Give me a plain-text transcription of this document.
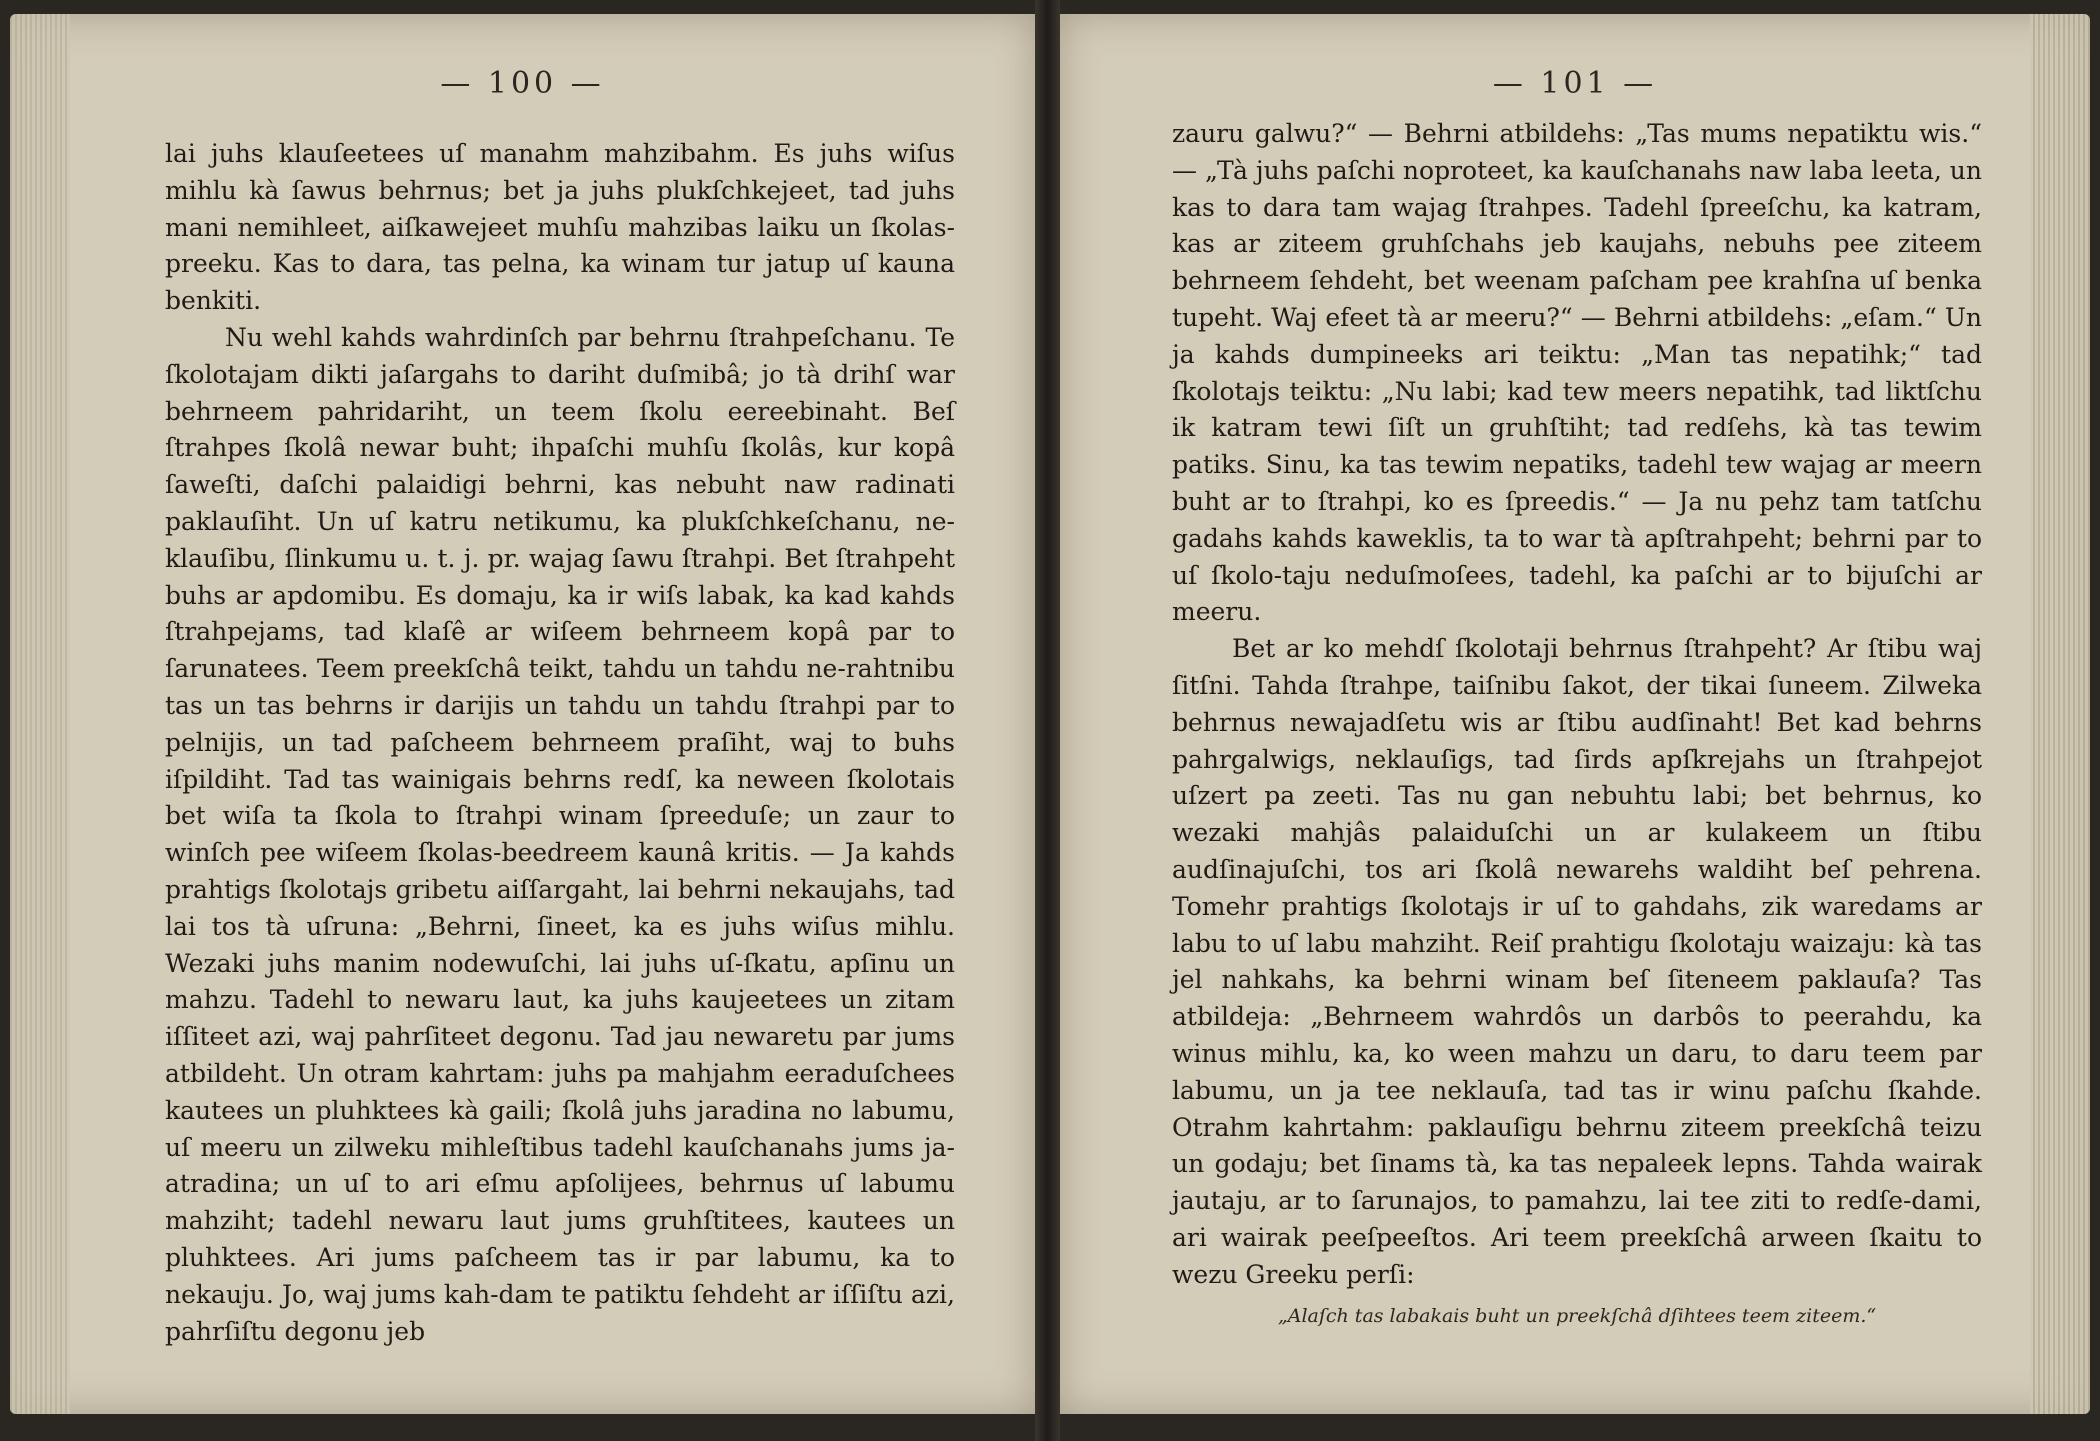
— 100 —

lai juhs klauſeetees uſ manahm mahzibahm. Es juhs wiſus mihlu kà ſawus behrnus; bet ja juhs plukſchkejeet, tad juhs mani nemihleet, aiſkawejeet muhſu mahzibas laiku un ſkolas-preeku. Kas to dara, tas pelna, ka winam tur jatup uſ kauna benkiti.

Nu wehl kahds wahrdinſch par behrnu ſtrahpeſchanu. Te ſkolotajam dikti jaſargahs to dariht duſmibâ; jo tà drihſ war behrneem pahridariht, un teem ſkolu eereebinaht. Beſ ſtrahpes ſkolâ newar buht; ihpaſchi muhſu ſkolâs, kur kopâ ſaweſti, daſchi palaidigi behrni, kas nebuht naw radinati paklauſiht. Un uſ katru netikumu, ka plukſchkeſchanu, ne-klauſibu, ſlinkumu u. t. j. pr. wajag ſawu ſtrahpi. Bet ſtrahpeht buhs ar apdomibu. Es domaju, ka ir wiſs labak, ka kad kahds ſtrahpejams, tad klaſê ar wiſeem behrneem kopâ par to ſarunatees. Teem preekſchâ teikt, tahdu un tahdu ne-rahtnibu tas un tas behrns ir darijis un tahdu un tahdu ſtrahpi par to pelnijis, un tad paſcheem behrneem praſiht, waj to buhs iſpildiht. Tad tas wainigais behrns redſ, ka neween ſkolotais bet wiſa ta ſkola to ſtrahpi winam ſpreeduſe; un zaur to winſch pee wiſeem ſkolas-beedreem kaunâ kritis. — Ja kahds prahtigs ſkolotajs gribetu aiſſargaht, lai behrni nekaujahs, tad lai tos tà uſruna: „Behrni, ſineet, ka es juhs wiſus mihlu. Wezaki juhs manim nodewuſchi, lai juhs uſ-ſkatu, apſinu un mahzu. Tadehl to newaru laut, ka juhs kaujeetees un zitam iſſiteet azi, waj pahrſiteet degonu. Tad jau newaretu par jums atbildeht. Un otram kahrtam: juhs pa mahjahm eeraduſchees kautees un pluhktees kà gaili; ſkolâ juhs jaradina no labumu, uſ meeru un zilweku mihleſtibus tadehl kauſchanahs jums ja-atradina; un uſ to ari eſmu apſolijees, behrnus uſ labumu mahziht; tadehl newaru laut jums gruhſtitees, kautees un pluhktees. Ari jums paſcheem tas ir par labumu, ka to nekauju. Jo, waj jums kah-dam te patiktu ſehdeht ar iſſiſtu azi, pahrſiſtu degonu jeb

— 101 —

zauru galwu?“ — Behrni atbildehs: „Tas mums nepatiktu wis.“ — „Tà juhs paſchi noproteet, ka kauſchanahs naw laba leeta, un kas to dara tam wajag ſtrahpes. Tadehl ſpreeſchu, ka katram, kas ar ziteem gruhſchahs jeb kaujahs, nebuhs pee ziteem behrneem ſehdeht, bet weenam paſcham pee krahſna uſ benka tupeht. Waj efeet tà ar meeru?“ — Behrni atbildehs: „eſam.“ Un ja kahds dumpineeks ari teiktu: „Man tas nepatihk;“ tad ſkolotajs teiktu: „Nu labi; kad tew meers nepatihk, tad liktſchu ik katram tewi ſiſt un gruhſtiht; tad redſehs, kà tas tewim patiks. Sinu, ka tas tewim nepatiks, tadehl tew wajag ar meern buht ar to ſtrahpi, ko es ſpreedis.“ — Ja nu pehz tam tatſchu gadahs kahds kaweklis, ta to war tà apſtrahpeht; behrni par to uſ ſkolo-taju neduſmoſees, tadehl, ka paſchi ar to bijuſchi ar meeru.

Bet ar ko mehdſ ſkolotaji behrnus ſtrahpeht? Ar ſtibu waj ſitſni. Tahda ſtrahpe, taiſnibu ſakot, der tikai ſuneem. Zilweka behrnus newajadſetu wis ar ſtibu audſinaht! Bet kad behrns pahrgalwigs, neklauſigs, tad ſirds apſkrejahs un ſtrahpejot uſzert pa zeeti. Tas nu gan nebuhtu labi; bet behrnus, ko wezaki mahjâs palaiduſchi un ar kulakeem un ſtibu audſinajuſchi, tos ari ſkolâ newarehs waldiht beſ pehrena. Tomehr prahtigs ſkolotajs ir uſ to gahdahs, zik waredams ar labu to uſ labu mahziht. Reiſ prahtigu ſkolotaju waizaju: kà tas jel nahkahs, ka behrni winam beſ ſiteneem paklauſa? Tas atbildeja: „Behrneem wahrdôs un darbôs to peerahdu, ka winus mihlu, ka, ko ween mahzu un daru, to daru teem par labumu, un ja tee neklauſa, tad tas ir winu paſchu ſkahde. Otrahm kahrtahm: paklauſigu behrnu ziteem preekſchâ teizu un godaju; bet ſinams tà, ka tas nepaleek lepns. Tahda wairak jautaju, ar to ſarunajos, to pamahzu, lai tee ziti to redſe-dami, ari wairak peeſpeeſtos. Ari teem preekſchâ arween ſkaitu to wezu Greeku perſi:

„Alaſch tas labakais buht un preekſchâ dſihtees teem ziteem.“
